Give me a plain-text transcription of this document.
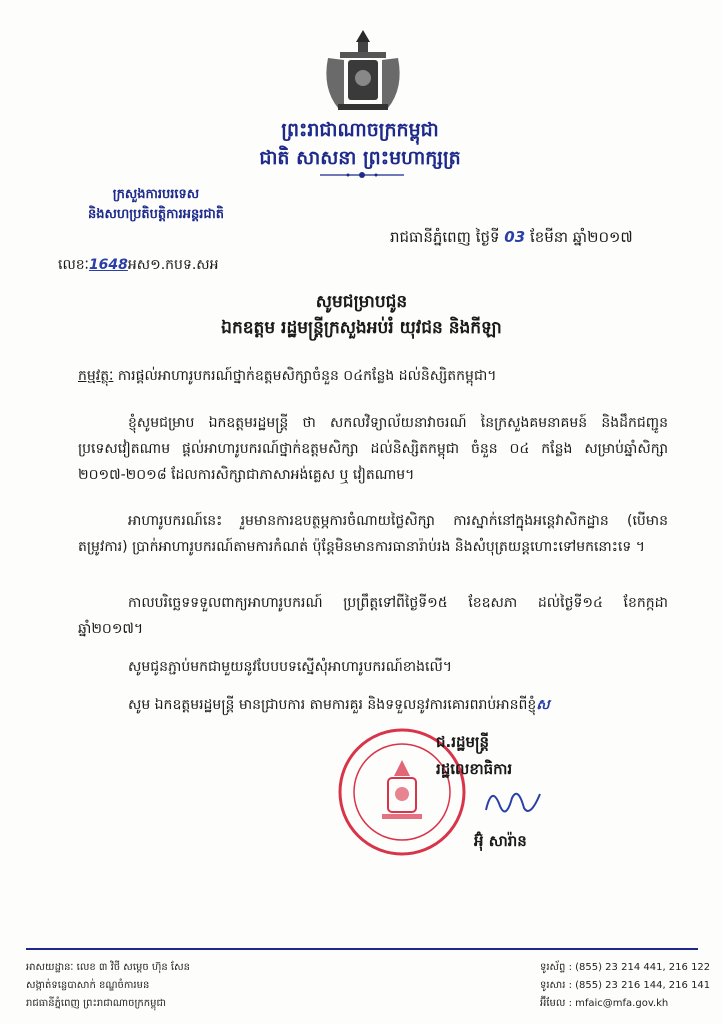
ព្រះរាជាណាចក្រកម្ពុជា
ជាតិ សាសនា ព្រះមហាក្សត្រ
ក្រសួងការបរទេស
និងសហប្រតិបត្តិការអន្តរជាតិ
រាជធានីភ្នំពេញ ថ្ងៃទី 03 ខែមីនា ឆ្នាំ២០១៧
លេខៈ1648អស១.កបទ.សអ
សូមជម្រាបជូន
ឯកឧត្តម រដ្ឋមន្ត្រីក្រសួងអប់រំ យុវជន និងកីឡា
កម្មវត្ថុៈ ការផ្តល់អាហារូបករណ៍ថ្នាក់ឧត្តមសិក្សាចំនួន ០៤កន្លែង ដល់និស្សិតកម្ពុជា។
ខ្ញុំសូមជម្រាប ឯកឧត្តមរដ្ឋមន្ត្រី ថា សកលវិទ្យាល័យនាវាចរណ៍ នៃក្រសួងគមនាគមន៍ និងដឹកជញ្ជូនប្រទេសវៀតណាម ផ្តល់អាហារូបករណ៍ថ្នាក់ឧត្តមសិក្សា ដល់និស្សិតកម្ពុជា ចំនួន ០៤ កន្លែង សម្រាប់ឆ្នាំសិក្សា ២០១៧-២០១៨ ដែលការសិក្សាជាភាសាអង់គ្លេស ឬ វៀតណាម។
អាហារូបករណ៍នេះ រួមមានការឧបត្ថម្ភការចំណាយថ្លៃសិក្សា ការស្នាក់នៅក្នុងអន្តេវាសិកដ្ឋាន (បើមានតម្រូវការ) ប្រាក់អាហារូបករណ៍តាមការកំណត់ ប៉ុន្តែមិនមានការធានារ៉ាប់រង និងសំបុត្រយន្តហោះទៅមកនោះទេ ។
កាលបរិច្ឆេទទទួលពាក្យអាហារូបករណ៍ ប្រព្រឹត្តទៅពីថ្ងៃទី១៥ ខែឧសភា ដល់ថ្ងៃទី១៤ ខែកក្កដា ឆ្នាំ២០១៧។
សូមជូនភ្ជាប់មកជាមួយនូវបែបបទស្នើសុំអាហារូបករណ៍ខាងលើ។
សូម ឯកឧត្តមរដ្ឋមន្ត្រី មានជ្រាបការ តាមការគួរ និងទទួលនូវការគោរពរាប់អានពីខ្ញុំស
ជ.រដ្ឋមន្ត្រី
រដ្ឋលេខាធិការ
អ៊ុំ សារ៉ាន
អាសយដ្ឋានៈ លេខ ៣ វិថី សម្តេច ហ៊ុន សែន
សង្កាត់ទន្លេបាសាក់ ខណ្ឌចំការមន
រាជធានីភ្នំពេញ ព្រះរាជាណាចក្រកម្ពុជា
ទូរស័ព្ទ : (855) 23 214 441, 216 122
ទូរសារ : (855) 23 216 144, 216 141
អ៊ីមែល : mfaic@mfa.gov.kh
